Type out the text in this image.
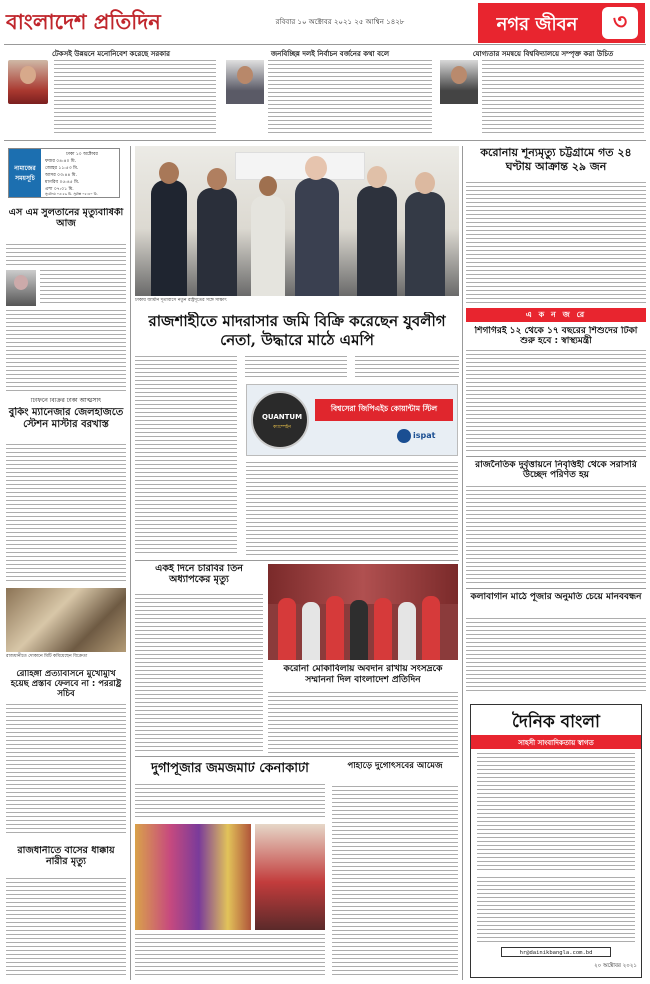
বাংলাদেশ প্রতিদিন	রবিবার ১০ অক্টোবর ২০২১ ২৫ আশ্বিন ১৪২৮	নগর জীবন	৩
টেকসই উন্নয়নে মনোনিবেশ করেছে সরকার	জনবিচ্ছিন্ন দলই নির্বাচন বর্জনের কথা বলে	যোগ্যতার সমন্বয়ে বিশ্ববিদ্যালয়ে সম্পৃক্ত করা উচিত
নামাজের
সময়সূচি
ঢাকা ১০ অক্টোবর
ফজর ০৪:৪০ মি.
জোহর ১১:৫৩ মি.
আসর ০৩:৪৪ মি.
মাগরিব ০৫:৪৫ মি.
এশা ০৭:০১ মি.
সূর্যোদয় ০৫:৫৯ মি. সূর্যাস্ত ০৫:৪০ মি.
এস এম সুলতানের মৃত্যুবার্ষিকী আজ
টিফিনে বিক্রির টাকা আত্মসাৎ
বুকিং ম্যানেজার জেলহাজতে স্টেশন মাস্টার বরখাস্ত
রাজধানীতে দোকানে মিটি কমিয়েছেন বিক্রেতা
রোহিঙ্গা প্রত্যাবাসনে মুখোমুখি হয়েছ প্রস্তাব ফেলবে না : পররাষ্ট্র সচিব
রাজধানীতে বাসের ধাক্কায় নারীর মৃত্যু
ঢাকায় জার্মান দূতাবাসে নতুন রাষ্ট্রদূতের সঙ্গে সাক্ষাৎ
রাজশাহীতে মাদরাসার জমি বিক্রি করেছেন যুবলীগ নেতা, উদ্ধারে মাঠে এমপি
QUANTUM
ক্যাম্পেইন
বিশ্বসেরা জিপিএইচ কোয়ান্টাম স্টিল
ispat
একই দিনে চারবির তিন অধ্যাপকের মৃত্যু
করোনা মোকাবিলায় অবদান রাখায় সংসদ্রকে সম্মাননা দিল বাংলাদেশ প্রতিদিন
দুর্গাপূজার জমজমাট কেনাকাটা	পাহাড়ে দুর্গোৎসবের আমেজ
করোনায় শূন্যমৃত্যু চট্টগ্রামে গত ২৪ ঘণ্টায় আক্রান্ত ২৯ জন
এ ক ন জ রে
শিগগিরই ১২ থেকে ১৭ বছরের শিশুদের টিকা শুরু হবে : স্বাস্থ্যমন্ত্রী
রাজনৈতিক দুর্বৃত্তায়নে নিবৃত্তিহী থেকে সরাসরি উচ্ছেদ পরিণত হয়
কলাবাগান মাঠে পূজার অনুমতি চেয়ে মানববন্ধন
দৈনিক বাংলা
সাহসী সাংবাদিকতায় স্বাগত
hr@dainikbangla.com.bd
২০ অক্টোবর ২০২১
